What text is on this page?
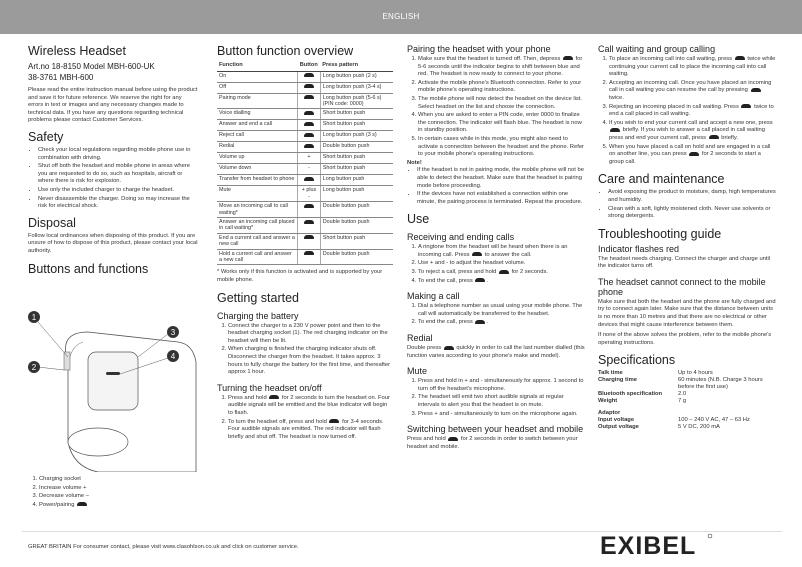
ENGLISH
Wireless Headset
Art.no 18-8150 Model MBH-600-UK
38-3761 MBH-600

Please read the entire instruction manual before using the product and save it for future reference. We reserve the right for any errors in text or images and any necessary changes made to technical data. If you have any questions regarding technical problems please contact Customer Services.

Safety
• Check your local regulations regarding mobile phone use in combination with driving.
• Shut off both the headset and mobile phone in areas where you are requested to do so, such as hospitals, aircraft or where there is risk for explosion.
• Use only the included charger to charge the headset.
• Never disassemble the charger. Doing so may increase the risk for electrical shock.
Disposal

Follow local ordinances when disposing of this product. If you are unsure of how to dispose of this product, please contact your local authority.

Buttons and functions
1
2
3
4
1. Charging socket
2. Increase volume +
3. Decrease volume –
4. Power/pairing
Button function overview
Function	Button	Press pattern
On		Long button push (2 s)
Off		Long button push (3-4 s)
Pairing mode		Long button push (5-6 s) (PIN code: 0000)
Voice dialling		Short button push
Answer and end a call		Short button push
Reject call		Long button push (3 s)
Redial		Double button push
Volume up	+	Short button push
Volume down	-	Short button push
Transfer from headset to phone		Long button push
Mute	+ plus -	Long button push
Move an incoming call to call waiting*		Double button push
Answer an incoming call placed in call waiting*		Double button push
End a current call and answer a new call		Short button push
Hold a current call and answer a new call		Double button push

* Works only if this function is activated and is supported by your mobile phone.

Getting started
Charging the battery
1. Connect the charger to a 230 V power point and then to the headset charging socket (1). The red charging indicator on the headset will then be lit.
2. When charging is finished the charging indicator shuts off. Disconnect the charger from the headset. It takes approx. 3 hours to fully charge the battery for the first time, and thereafter approx 1 hour.
Turning the headset on/off
1. Press and hold	for 2 seconds to turn the headset on. Four audible signals will be emitted and the blue indicator will begin to flash.
2. To turn the headset off, press and hold	for 3-4 seconds. Four audible signals are emitted. The red indicator will flash briefly and shut off. The headset is now turned off.
Pairing the headset with your phone
1. Make sure that the headset is turned off. Then, depress	for 5-6 seconds until the indicator begins to shift between blue and red. The headset is now ready to connect to your phone.
2. Activate the mobile phone's Bluetooth connection. Refer to your mobile phone's operating instructions.
3. The mobile phone will now detect the headset on the device list. Select headset on the list and choose the connection.
4. When you are asked to enter a PIN code, enter 0000 to finalize the connection. The indicator will flash blue. The headset is now in standby position.
5. In certain cases while in this mode, you might also need to activate a connection between the headset and the phone. Refer to your mobile phone's operating instructions.

Note!

• If the headset is not in pairing mode, the mobile phone will not be able to detect the headset. Make sure that the headset is pairing mode before proceeding.
• If the devices have not established a connection within one minute, the pairing process is terminated. Repeat the procedure.
Use
Receiving and ending calls
1. A ringtone from the headset will be heard when there is an incoming call. Press	to answer the call.
2. Use + and - to adjust the headset volume.
3. To reject a call, press and hold	for 2 seconds.
4. To end the call, press .
Making a call
1. Dial a telephone number as usual using your mobile phone. The call will automatically be transferred to the headset.
2. To end the call, press .
Redial

Double press	quickly in order to call the last number dialled (this function varies according to your phone's make and model).

Mute
1. Press and hold in + and - simultaneously for approx. 1 second to turn off the headset's microphone.
2. The headset will emit two short audible signals at regular intervals to alert you that the headset is on mute.
3. Press + and - simultaneously to turn on the microphone again.
Switching between your headset and mobile

Press and hold	for 2 seconds in order to switch between your headset and mobile.

Call waiting and group calling
1. To place an incoming call into call waiting, press	twice while continuing your current call to place the incoming call into call waiting.
2. Accepting an incoming call. Once you have placed an incoming call in call waiting you can resume the call by pressing  twice.
3. Rejecting an incoming placed in call waiting. Press	twice to end a call placed in call waiting.
4. If you wish to end your current call and accept a new one, press  briefly. If you wish to answer a call placed in call waiting press and end your current call, press	briefly.
5. When you have placed a call on hold and are engaged in a call on another line, you can press	for 2 seconds to start a group call.
Care and maintenance
• Avoid exposing the product to moisture, damp, high temperatures and humidity.
• Clean with a soft, lightly moistened cloth. Never use solvents or strong detergents.
Troubleshooting guide
Indicator flashes red

The headset needs charging. Connect the charger and charge until the indicator turns off.

The headset cannot connect to the mobile phone

Make sure that both the headset and the phone are fully charged and try to connect again later. Make sure that the distance between units is no more than 10 metres and that there are no electrical or other devices that might cause interference between them.

If none of the above solves the problem, refer to the mobile phone's operating instructions.

Specifications
Talk time	Up to 4 hours
Charging time	60 minutes (N.B. Charge 3 hours before the first use)
Bluetooth specification	2.0
Weight	7 g
Adaptor	
Input voltage	100 – 240 V AC, 47 – 63 Hz
Output voltage	5 V DC, 200 mA
GREAT BRITAIN For consumer contact, please visit www.clasohlson.co.uk and click on customer service.	EXIBEL
